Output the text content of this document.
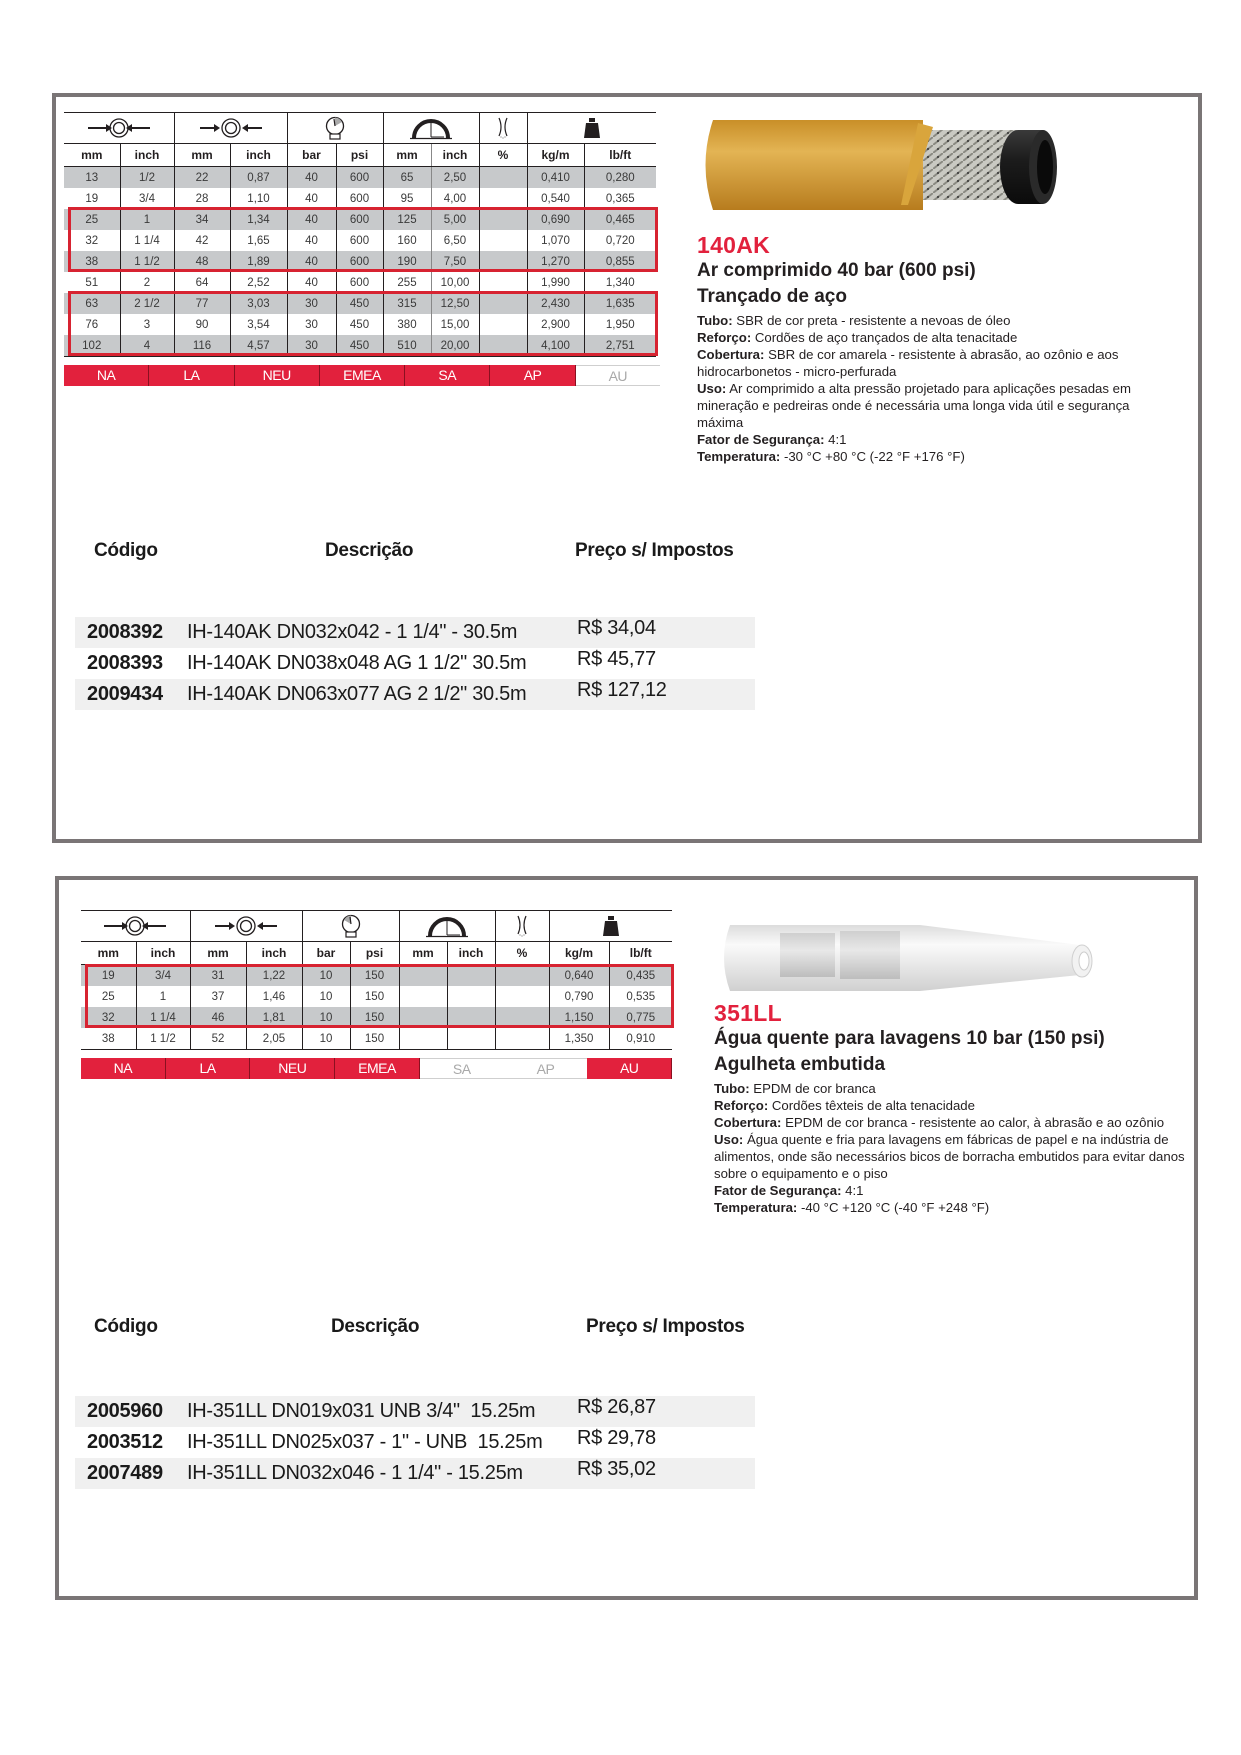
mm	inch	mm	inch	bar	psi	mm	inch	%	kg/m	lb/ft
13	1/2	22	0,87	40	600	65	2,50		0,410	0,280
19	3/4	28	1,10	40	600	95	4,00		0,540	0,365
25	1	34	1,34	40	600	125	5,00		0,690	0,465
32	1 1/4	42	1,65	40	600	160	6,50		1,070	0,720
38	1 1/2	48	1,89	40	600	190	7,50		1,270	0,855
51	2	64	2,52	40	600	255	10,00		1,990	1,340
63	2 1/2	77	3,03	30	450	315	12,50		2,430	1,635
76	3	90	3,54	30	450	380	15,00		2,900	1,950
102	4	116	4,57	30	450	510	20,00		4,100	2,751
NA	LA	NEU	EMEA	SA	AP	AU
140AK
Ar comprimido 40 bar (600 psi)
Trançado de aço
Tubo: SBR de cor preta - resistente a nevoas de óleo
Reforço: Cordões de aço trançados de alta tenacitade
Cobertura: SBR de cor amarela - resistente à abrasão, ao ozônio e aos hidrocarbonetos - micro-perfurada
Uso: Ar comprimido a alta pressão projetado para aplicações pesadas em mineração e pedreiras onde é necessária uma longa vida útil e segurança máxima
Fator de Segurança: 4:1
Temperatura: -30 °C +80 °C (-22 °F +176 °F)

Código	Descrição	Preço s/ Impostos
2008392	IH-140AK DN032x042 - 1 1/4" - 30.5m	R$ 34,04
2008393	IH-140AK DN038x048 AG 1 1/2" 30.5m	R$ 45,77
2009434	IH-140AK DN063x077 AG 2 1/2" 30.5m	R$ 127,12

mm	inch	mm	inch	bar	psi	mm	inch	%	kg/m	lb/ft
19	3/4	31	1,22	10	150				0,640	0,435
25	1	37	1,46	10	150				0,790	0,535
32	1 1/4	46	1,81	10	150				1,150	0,775
38	1 1/2	52	2,05	10	150				1,350	0,910
NA	LA	NEU	EMEA	SA	AP	AU
351LL
Água quente para lavagens 10 bar (150 psi)
Agulheta embutida
Tubo: EPDM de cor branca
Reforço: Cordões têxteis de alta tenacidade
Cobertura: EPDM de cor branca - resistente ao calor, à abrasão e ao ozônio
Uso: Água quente e fria para lavagens em fábricas de papel e na indústria de alimentos, onde são necessários bicos de borracha embutidos para evitar danos sobre o equipamento e o piso
Fator de Segurança: 4:1
Temperatura: -40 °C +120 °C (-40 °F +248 °F)

Código	Descrição	Preço s/ Impostos
2005960	IH-351LL DN019x031 UNB 3/4"  15.25m	R$ 26,87
2003512	IH-351LL DN025x037 - 1" - UNB  15.25m	R$ 29,78
2007489	IH-351LL DN032x046 - 1 1/4" - 15.25m	R$ 35,02
